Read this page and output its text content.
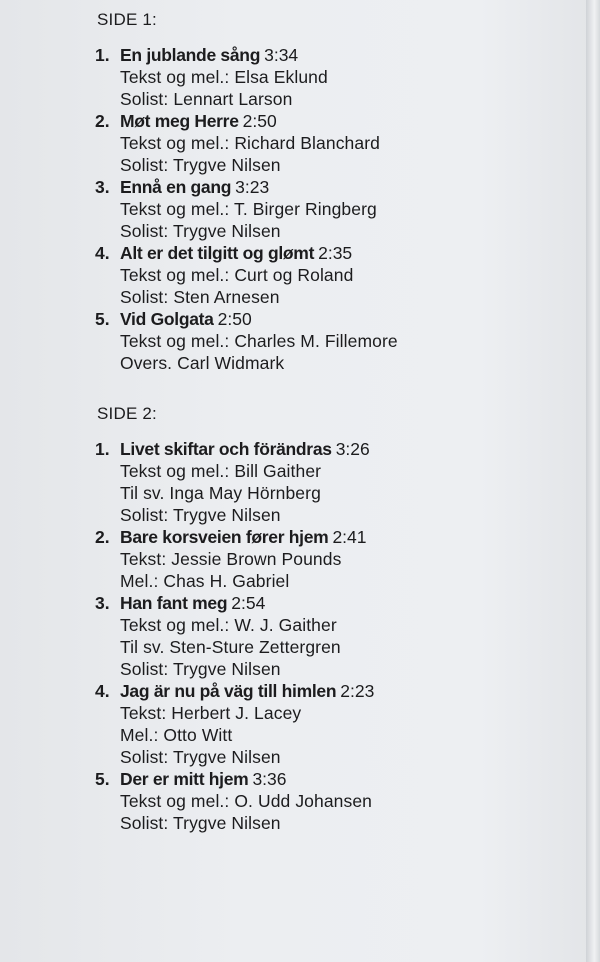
SIDE 1:
1. En jublande sång 3:34
Tekst og mel.: Elsa Eklund
Solist: Lennart Larson
2. Møt meg Herre 2:50
Tekst og mel.: Richard Blanchard
Solist: Trygve Nilsen
3. Ennå en gang 3:23
Tekst og mel.: T. Birger Ringberg
Solist: Trygve Nilsen
4. Alt er det tilgitt og glømt 2:35
Tekst og mel.: Curt og Roland
Solist: Sten Arnesen
5. Vid Golgata 2:50
Tekst og mel.: Charles M. Fillemore
Overs. Carl Widmark
SIDE 2:
1. Livet skiftar och förändras 3:26
Tekst og mel.: Bill Gaither
Til sv. Inga May Hörnberg
Solist: Trygve Nilsen
2. Bare korsveien fører hjem 2:41
Tekst: Jessie Brown Pounds
Mel.: Chas H. Gabriel
3. Han fant meg 2:54
Tekst og mel.: W. J. Gaither
Til sv. Sten-Sture Zettergren
Solist: Trygve Nilsen
4. Jag är nu på väg till himlen 2:23
Tekst: Herbert J. Lacey
Mel.: Otto Witt
Solist: Trygve Nilsen
5. Der er mitt hjem 3:36
Tekst og mel.: O. Udd Johansen
Solist: Trygve Nilsen
